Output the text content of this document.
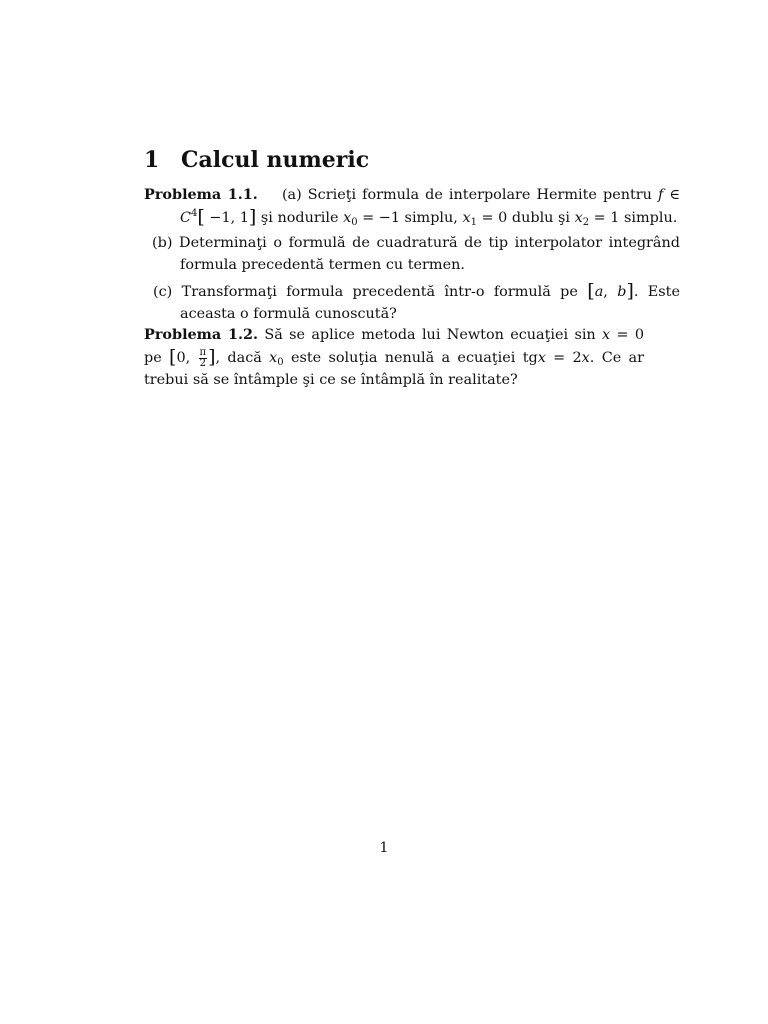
1 Calcul numeric
Problema 1.1. (a) Scrieţi formula de interpolare Hermite pentru f ∈ $C^4[ -1$, 1] şi nodurile $x_0 = -1$ simplu, $x_1 = 0$ dublu şi $x_2 = 1$ simplu.
(b) Determinaţi o formulă de cuadratură de tip interpolator integrând formula precedentă termen cu termen.
(c) Transformaţi formula precedentă într-o formulă pe [a, b]. Este aceasta o formulă cunoscută?
Problema 1.2. Să se aplice metoda lui Newton ecuaţiei sin x = 0 pe [0, $\frac{\pi}{2}$ ], dacă $x_0$ este soluţia nenulă a ecuaţiei tgx = 2x. Ce ar trebui să se întâmple şi ce se întâmplă în realitate?
1
